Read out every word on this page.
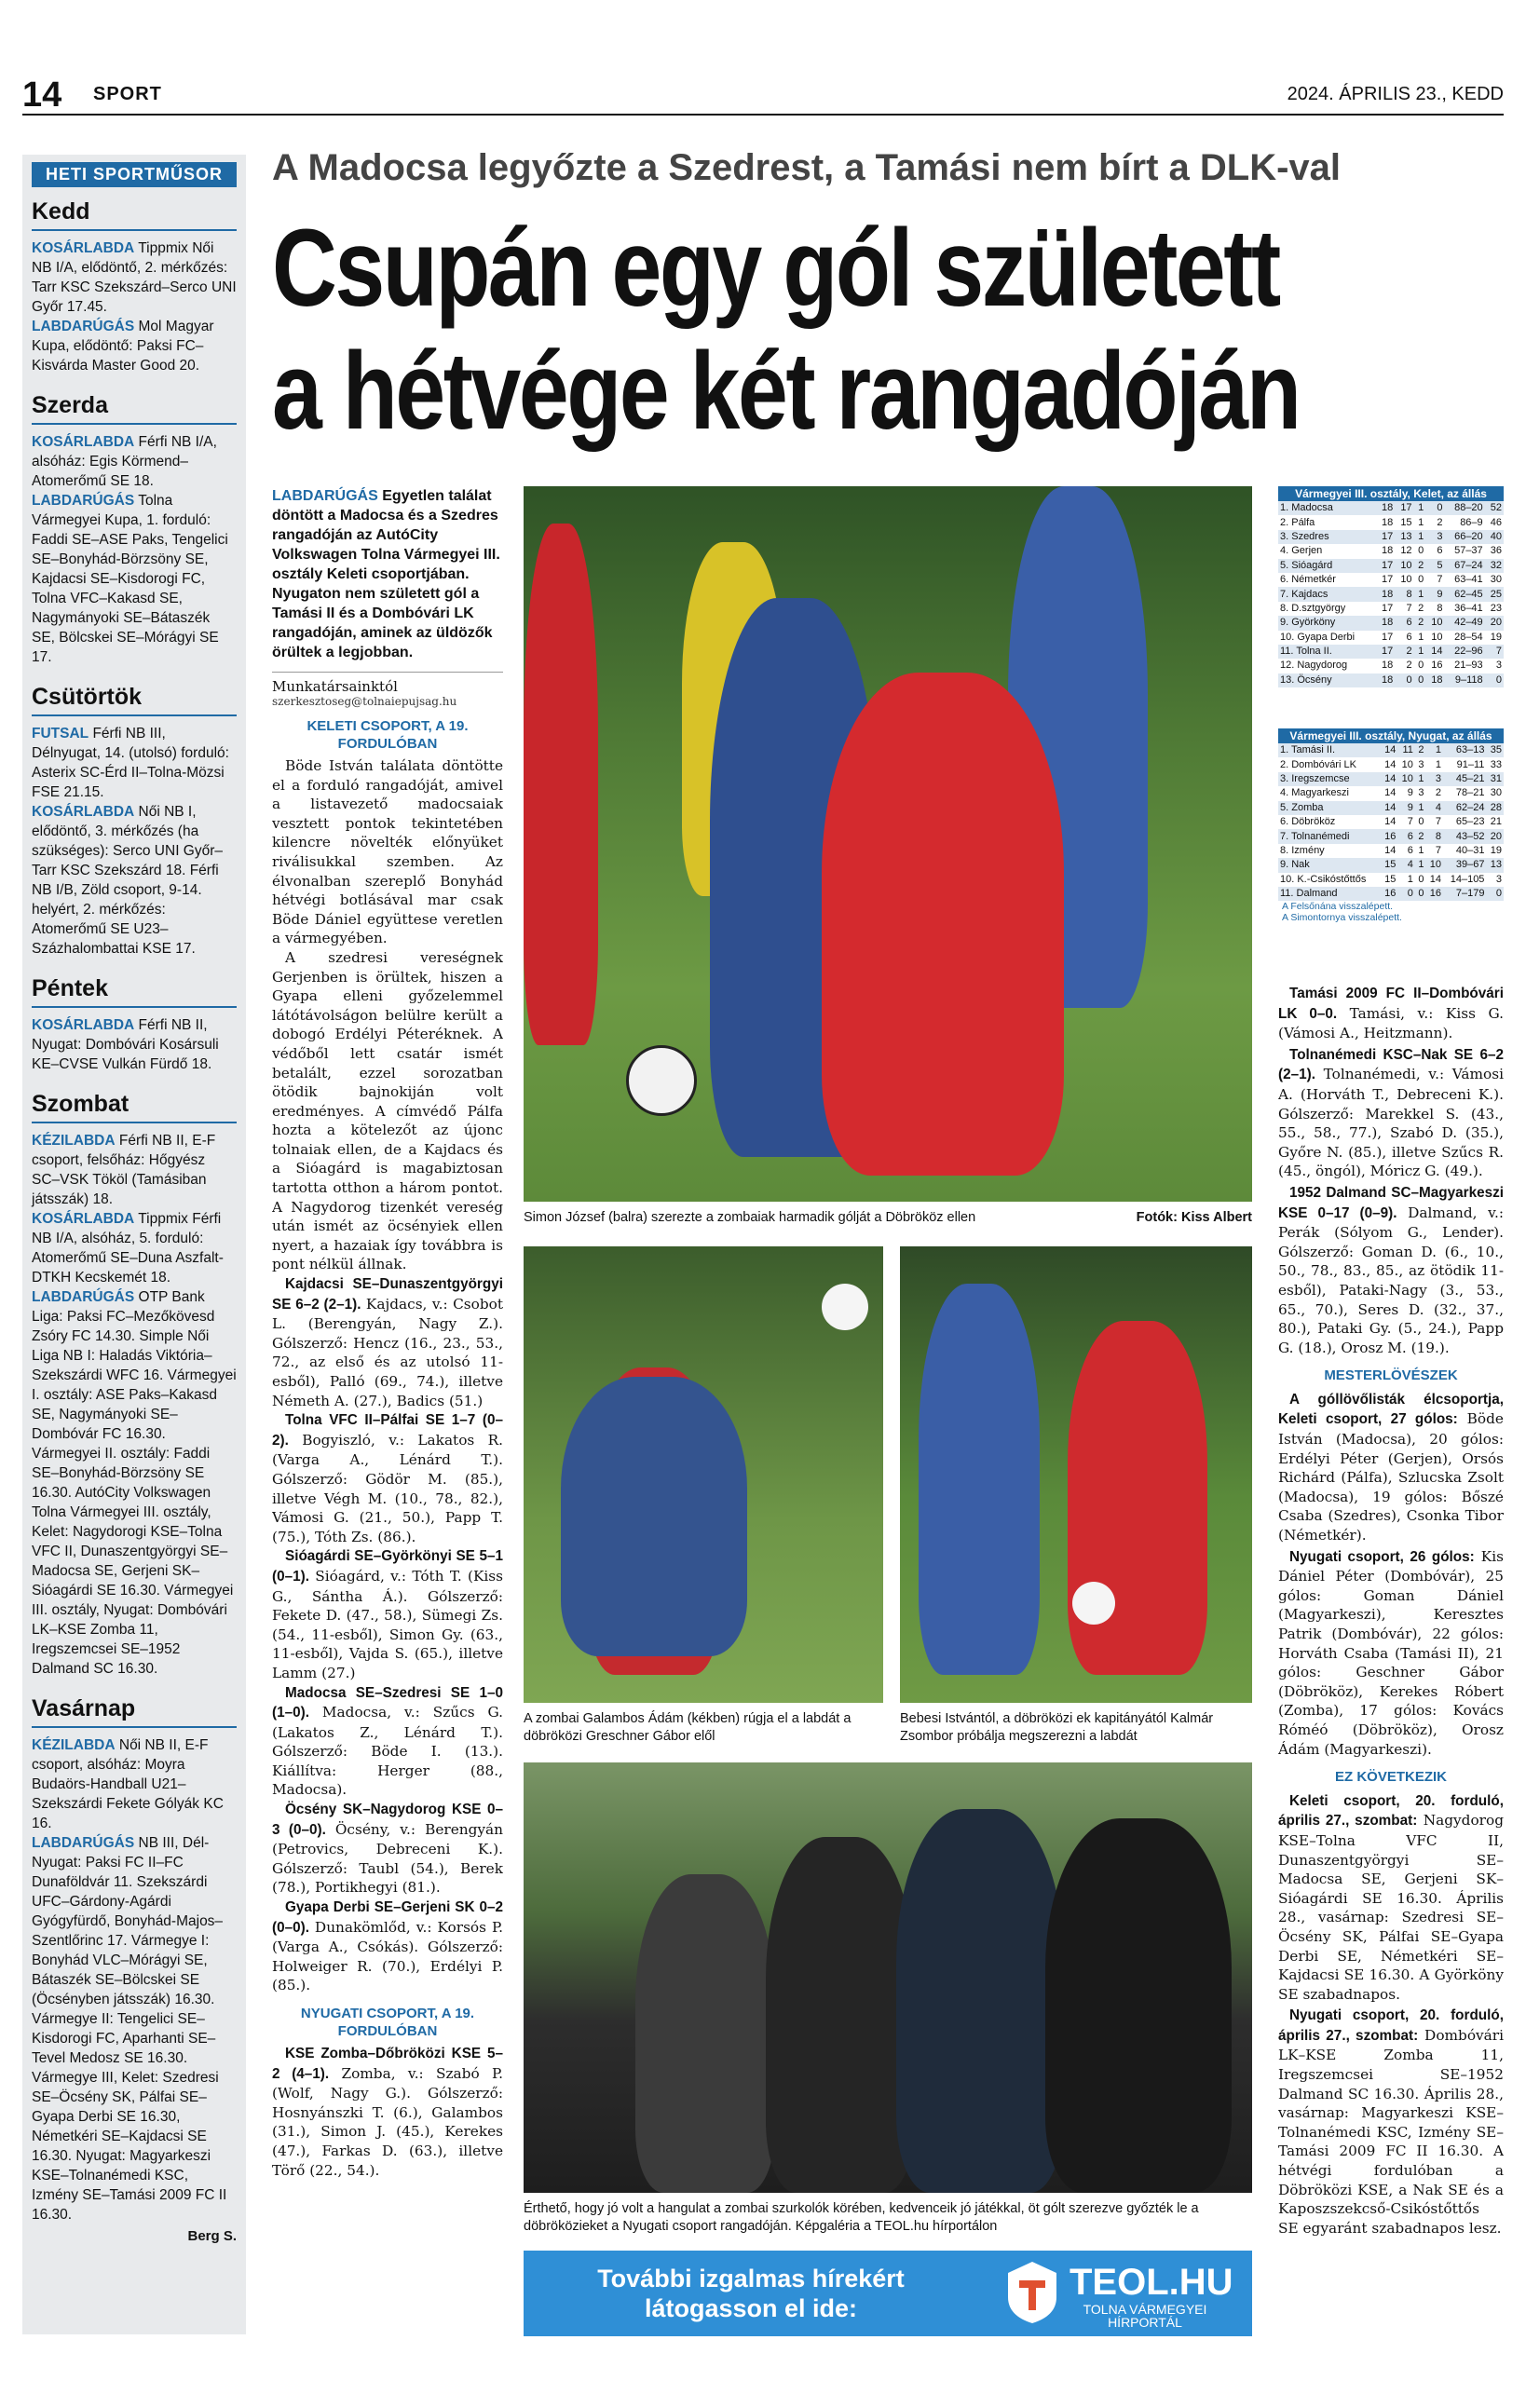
14 SPORT	2024. ÁPRILIS 23., KEDD
HETI SPORTMŰSOR
Kedd
KOSÁRLABDA Tippmix Női NB I/A, elődöntő, 2. mérkőzés: Tarr KSC Szekszárd–Serco UNI Győr 17.45.
LABDARÚGÁS Mol Magyar Kupa, elődöntő: Paksi FC–Kisvárda Master Good 20.
Szerda
KOSÁRLABDA Férfi NB I/A, alsóház: Egis Körmend–Atomerőmű SE 18.
LABDARÚGÁS Tolna Vármegyei Kupa, 1. forduló: Faddi SE–ASE Paks, Tengelici SE–Bonyhád-Börzsöny SE, Kajdacsi SE–Kisdorogi FC, Tolna VFC–Kakasd SE, Nagymányoki SE–Bátaszék SE, Bölcskei SE–Mórágyi SE 17.
Csütörtök
FUTSAL Férfi NB III, Délnyugat, 14. (utolsó) forduló: Asterix SC-Érd II–Tolna-Mözsi FSE 21.15.
KOSÁRLABDA Női NB I, elődöntő, 3. mérkőzés (ha szükséges): Serco UNI Győr–Tarr KSC Szekszárd 18. Férfi NB I/B, Zöld csoport, 9-14. helyért, 2. mérkőzés: Atomerőmű SE U23–Százhalombattai KSE 17.
Péntek
KOSÁRLABDA Férfi NB II, Nyugat: Dombóvári Kosársuli KE–CVSE Vulkán Fürdő 18.
Szombat
KÉZILABDA Férfi NB II, E-F csoport, felsőház: Hőgyész SC–VSK Tököl (Tamásiban játsszák) 18.
KOSÁRLABDA Tippmix Férfi NB I/A, alsóház, 5. forduló: Atomerőmű SE–Duna Aszfalt-DTKH Kecskemét 18.
LABDARÚGÁS OTP Bank Liga: Paksi FC–Mezőkövesd Zsóry FC 14.30. Simple Női Liga NB I: Haladás Viktória–Szekszárdi WFC 16. Vármegyei I. osztály: ASE Paks–Kakasd SE, Nagymányoki SE–Dombóvár FC 16.30. Vármegyei II. osztály: Faddi SE–Bonyhád-Börzsöny SE 16.30. AutóCity Volkswagen Tolna Vármegyei III. osztály, Kelet: Nagydorogi KSE–Tolna VFC II, Dunaszentgyörgyi SE–Madocsa SE, Gerjeni SK–Sióagárdi SE 16.30. Vármegyei III. osztály, Nyugat: Dombóvári LK–KSE Zomba 11, Iregszemcsei SE–1952 Dalmand SC 16.30.
Vasárnap
KÉZILABDA Női NB II, E-F csoport, alsóház: Moyra Budaörs-Handball U21–Szekszárdi Fekete Gólyák KC 16.
LABDARÚGÁS NB III, Dél-Nyugat: Paksi FC II–FC Dunaföldvár 11. Szekszárdi UFC–Gárdony-Agárdi Gyógyfürdő, Bonyhád-Majos–Szentlőrinc 17. Vármegye I: Bonyhád VLC–Mórágyi SE, Bátaszék SE–Bölcskei SE (Öcsényben játsszák) 16.30. Vármegye II: Tengelici SE–Kisdorogi FC, Aparhanti SE–Tevel Medosz SE 16.30. Vármegye III, Kelet: Szedresi SE–Öcsény SK, Pálfai SE–Gyapa Derbi SE 16.30, Németkéri SE–Kajdacsi SE 16.30. Nyugat: Magyarkeszi KSE–Tolnanémedi KSC, Izmény SE–Tamási 2009 FC II 16.30.
Berg S.
A Madocsa legyőzte a Szedrest, a Tamási nem bírt a DLK-val
Csupán egy gól született
a hétvége két rangadóján
LABDARÚGÁS Egyetlen találat döntött a Madocsa és a Szedres rangadóján az AutóCity Volkswagen Tolna Vármegyei III. osztály Keleti csoportjában. Nyugaton nem született gól a Tamási II és a Dombóvári LK rangadóján, aminek az üldözők örültek a legjobban.
Munkatársainktól
szerkesztoseg@tolnaiepujsag.hu
KELETI CSOPORT, A 19. FORDULÓBAN

Böde István találata döntötte el a forduló rangadóját, amivel a listavezető madocsaiak vesztett pontok tekintetében kilencre növelték előnyüket riválisukkal szemben. Az élvonalban szereplő Bonyhád hétvégi botlásával mar csak Böde Dániel együttese veretlen a vármegyében.

A szedresi vereségnek Gerjenben is örültek, hiszen a Gyapa elleni győzelemmel látótávolságon belülre került a dobogó Erdélyi Péteréknek. A védőből lett csatár ismét betalált, ezzel sorozatban ötödik bajnokiján volt eredményes. A címvédő Pálfa hozta a kötelezőt az újonc tolnaiak ellen, de a Kajdacs és a Sióagárd is magabiztosan tartotta otthon a három pontot. A Nagydorog tizenkét vereség után ismét az öcsényiek ellen nyert, a hazaiak így továbbra is pont nélkül állnak.

Kajdacsi SE–Dunaszentgyörgyi SE 6–2 (2–1). Kajdacs, v.: Csobot L. (Berengyán, Nagy Z.). Gólszerző: Hencz (16., 23., 53., 72., az első és az utolsó 11-esből), Palló (69., 74.), illetve Németh A. (27.), Badics (51.)

Tolna VFC II–Pálfai SE 1–7 (0–2). Bogyiszló, v.: Lakatos R. (Varga A., Lénárd T.). Gólszerző: Gödör M. (85.), illetve Végh M. (10., 78., 82.), Vámosi G. (21., 50.), Papp T. (75.), Tóth Zs. (86.).

Sióagárdi SE–Györkönyi SE 5–1 (0–1). Sióagárd, v.: Tóth T. (Kiss G., Sántha Á.). Gólszerző: Fekete D. (47., 58.), Sümegi Zs. (54., 11-esből), Simon Gy. (63., 11-esből), Vajda S. (65.), illetve Lamm (27.)

Madocsa SE–Szedresi SE 1–0 (1–0). Madocsa, v.: Szűcs G. (Lakatos Z., Lénárd T.). Gólszerző: Böde I. (13.). Kiállítva: Herger (88., Madocsa).

Öcsény SK–Nagydorog KSE 0–3 (0–0). Öcsény, v.: Berengyán (Petrovics, Debreceni K.). Gólszerző: Taubl (54.), Berek (78.), Portikhegyi (81.).

Gyapa Derbi SE–Gerjeni SK 0–2 (0–0). Dunakömlőd, v.: Korsós P. (Varga A., Csókás). Gólszerző: Holweiger R. (70.), Erdélyi P. (85.).

NYUGATI CSOPORT, A 19. FORDULÓBAN

KSE Zomba–Dőbröközi KSE 5–2 (4–1). Zomba, v.: Szabó P. (Wolf, Nagy G.). Gólszerző: Hosnyánszki T. (6.), Galambos (31.), Simon J. (45.), Kerekes (47.), Farkas D. (63.), illetve Törő (22., 54.).

Simon József (balra) szerezte a zombaiak harmadik gólját a Döbrököz ellen	Fotók: Kiss Albert
A zombai Galambos Ádám (kékben) rúgja el a labdát a döbröközi Greschner Gábor elől
Bebesi Istvántól, a döbröközi ek kapitányától Kalmár Zsombor próbálja megszerezni a labdát
Érthető, hogy jó volt a hangulat a zombai szurkolók körében, kedvenceik jó játékkal, öt gólt szerezve győzték le a döbröközieket a Nyugati csoport rangadóján. Képgaléria a TEOL.hu hírportálon
Vármegyei III. osztály, Kelet, az állás
1. Madocsa	18	17	1	0	88–20	52
2. Pálfa	18	15	1	2	86–9	46
3. Szedres	17	13	1	3	66–20	40
4. Gerjen	18	12	0	6	57–37	36
5. Sióagárd	17	10	2	5	67–24	32
6. Németkér	17	10	0	7	63–41	30
7. Kajdacs	18	8	1	9	62–45	25
8. D.sztgyörgy	17	7	2	8	36–41	23
9. Györköny	18	6	2	10	42–49	20
10. Gyapa Derbi	17	6	1	10	28–54	19
11. Tolna II.	17	2	1	14	22–96	7
12. Nagydorog	18	2	0	16	21–93	3
13. Öcsény	18	0	0	18	9–118	0
Vármegyei III. osztály, Nyugat, az állás
1. Tamási II.	14	11	2	1	63–13	35
2. Dombóvári LK	14	10	3	1	91–11	33
3. Iregszemcse	14	10	1	3	45–21	31
4. Magyarkeszi	14	9	3	2	78–21	30
5. Zomba	14	9	1	4	62–24	28
6. Döbrököz	14	7	0	7	65–23	21
7. Tolnanémedi	16	6	2	8	43–52	20
8. Izmény	14	6	1	7	40–31	19
9. Nak	15	4	1	10	39–67	13
10. K.-Csikóstőttős	15	1	0	14	14–105	3
11. Dalmand	16	0	0	16	7–179	0
A Felsőnána visszalépett.
A Simontornya visszalépett.

Tamási 2009 FC II–Dombóvári LK 0–0. Tamási, v.: Kiss G. (Vámosi A., Heitzmann).

Tolnanémedi KSC–Nak SE 6–2 (2–1). Tolnanémedi, v.: Vámosi A. (Horváth T., Debreceni K.). Gólszerző: Marekkel S. (43., 55., 58., 77.), Szabó D. (35.), Győre N. (85.), illetve Szűcs R. (45., öngól), Móricz G. (49.).

1952 Dalmand SC–Magyarkeszi KSE 0–17 (0–9). Dalmand, v.: Perák (Sólyom G., Lender). Gólszerző: Goman D. (6., 10., 50., 78., 83., 85., az ötödik 11-esből), Pataki-Nagy (3., 53., 65., 70.), Seres D. (32., 37., 80.), Pataki Gy. (5., 24.), Papp G. (18.), Orosz M. (19.).

MESTERLÖVÉSZEK

A góllövőlisták élcsoportja, Keleti csoport, 27 gólos: Böde István (Madocsa), 20 gólos: Erdélyi Péter (Gerjen), Orsós Richárd (Pálfa), Szlucska Zsolt (Madocsa), 19 gólos: Bőszé Csaba (Szedres), Csonka Tibor (Németkér).

Nyugati csoport, 26 gólos: Kis Dániel Péter (Dombóvár), 25 gólos: Goman Dániel (Magyarkeszi), Keresztes Patrik (Dombóvár), 22 gólos: Horváth Csaba (Tamási II), 21 gólos: Geschner Gábor (Döbrököz), Kerekes Róbert (Zomba), 17 gólos: Kovács Róméó (Döbrököz), Orosz Ádám (Magyarkeszi).

EZ KÖVETKEZIK

Keleti csoport, 20. forduló, április 27., szombat: Nagydorog KSE–Tolna VFC II, Dunaszentgyörgyi SE–Madocsa SE, Gerjeni SK–Sióagárdi SE 16.30. Április 28., vasárnap: Szedresi SE–Öcsény SK, Pálfai SE–Gyapa Derbi SE, Németkéri SE–Kajdacsi SE 16.30. A Györköny SE szabadnapos.

Nyugati csoport, 20. forduló, április 27., szombat: Dombóvári LK–KSE Zomba 11, Iregszemcsei SE–1952 Dalmand SC 16.30. Április 28., vasárnap: Magyarkeszi KSE–Tolnanémedi KSC, Izmény SE–Tamási 2009 FC II 16.30. A hétvégi fordulóban a Döbröközi KSE, a Nak SE és a Kaposzszekcső-Csikóstőttős SE egyaránt szabadnapos lesz.

További izgalmas hírekért látogasson el ide:
TEOL.HU
TOLNA VÁRMEGYEI HÍRPORTÁL
